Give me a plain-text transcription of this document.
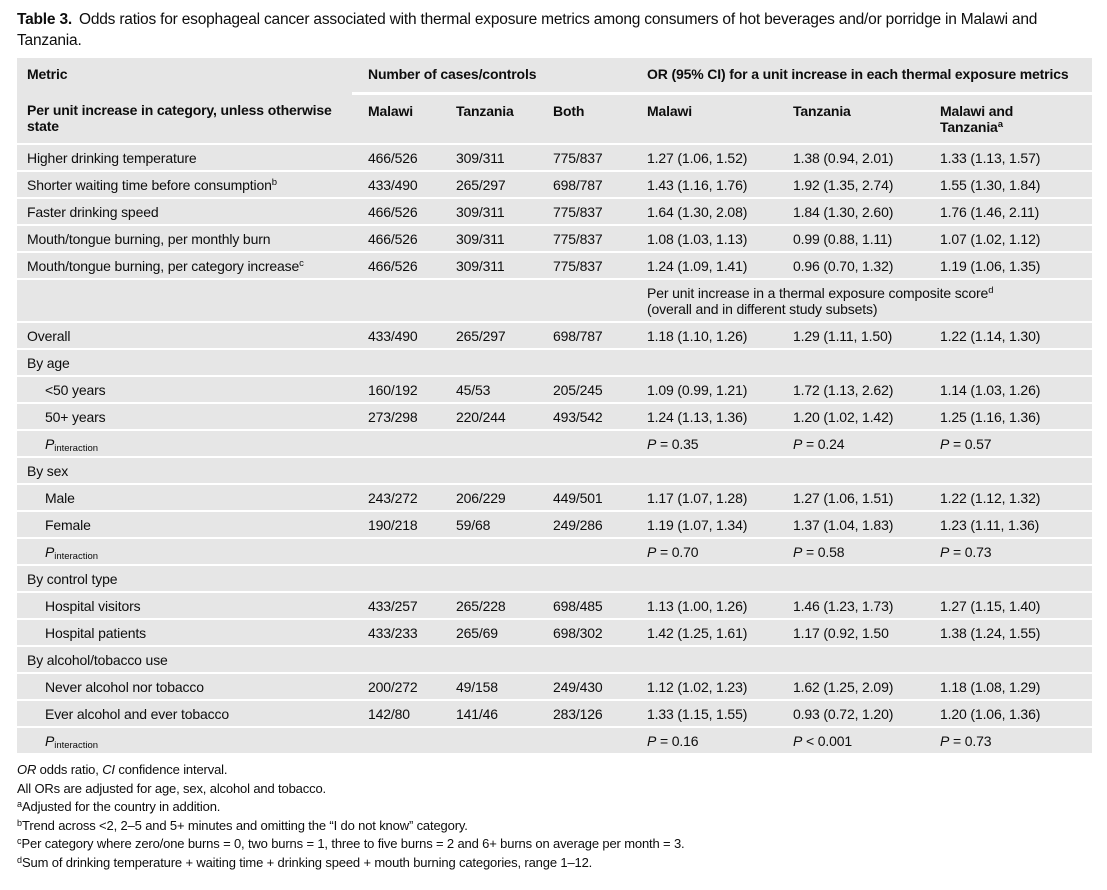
Table 3. Odds ratios for esophageal cancer associated with thermal exposure metrics among consumers of hot beverages and/or porridge in Malawi and Tanzania.
Metric	Number of cases/controls			OR (95% CI) for a unit increase in each thermal exposure metrics		
Per unit increase in category, unless otherwise state	Malawi	Tanzania	Both	Malawi	Tanzania	Malawi and Tanzania$^a$
Higher drinking temperature	466/526	309/311	775/837	1.27 (1.06, 1.52)	1.38 (0.94, 2.01)	1.33 (1.13, 1.57)
Shorter waiting time before consumption$^b$	433/490	265/297	698/787	1.43 (1.16, 1.76)	1.92 (1.35, 2.74)	1.55 (1.30, 1.84)
Faster drinking speed	466/526	309/311	775/837	1.64 (1.30, 2.08)	1.84 (1.30, 2.60)	1.76 (1.46, 2.11)
Mouth/tongue burning, per monthly burn	466/526	309/311	775/837	1.08 (1.03, 1.13)	0.99 (0.88, 1.11)	1.07 (1.02, 1.12)
Mouth/tongue burning, per category increase$^c$	466/526	309/311	775/837	1.24 (1.09, 1.41)	0.96 (0.70, 1.32)	1.19 (1.06, 1.35)
				Per unit increase in a thermal exposure composite score$^d$
(overall and in different study subsets)		

Overall	433/490	265/297	698/787	1.18 (1.10, 1.26)	1.29 (1.11, 1.50)	1.22 (1.14, 1.30)
By age						
<50 years	160/192	45/53	205/245	1.09 (0.99, 1.21)	1.72 (1.13, 2.62)	1.14 (1.03, 1.26)
50+ years	273/298	220/244	493/542	1.24 (1.13, 1.36)	1.20 (1.02, 1.42)	1.25 (1.16, 1.36)
$P_{interaction}$				P = 0.35	P = 0.24	P = 0.57
By sex						
Male	243/272	206/229	449/501	1.17 (1.07, 1.28)	1.27 (1.06, 1.51)	1.22 (1.12, 1.32)
Female	190/218	59/68	249/286	1.19 (1.07, 1.34)	1.37 (1.04, 1.83)	1.23 (1.11, 1.36)
$P_{interaction}$				P = 0.70	P = 0.58	P = 0.73
By control type						
Hospital visitors	433/257	265/228	698/485	1.13 (1.00, 1.26)	1.46 (1.23, 1.73)	1.27 (1.15, 1.40)
Hospital patients	433/233	265/69	698/302	1.42 (1.25, 1.61)	1.17 (0.92, 1.50	1.38 (1.24, 1.55)
By alcohol/tobacco use						
Never alcohol nor tobacco	200/272	49/158	249/430	1.12 (1.02, 1.23)	1.62 (1.25, 2.09)	1.18 (1.08, 1.29)
Ever alcohol and ever tobacco	142/80	141/46	283/126	1.33 (1.15, 1.55)	0.93 (0.72, 1.20)	1.20 (1.06, 1.36)
$P_{interaction}$				P = 0.16	P < 0.001	P = 0.73
OR odds ratio, CI confidence interval.
All ORs are adjusted for age, sex, alcohol and tobacco.
$^a$Adjusted for the country in addition.
$^b$Trend across <2, 2–5 and 5+ minutes and omitting the “I do not know” category.
$^c$Per category where zero/one burns = 0, two burns = 1, three to five burns = 2 and 6+ burns on average per month = 3.
$^d$Sum of drinking temperature + waiting time + drinking speed + mouth burning categories, range 1–12.
